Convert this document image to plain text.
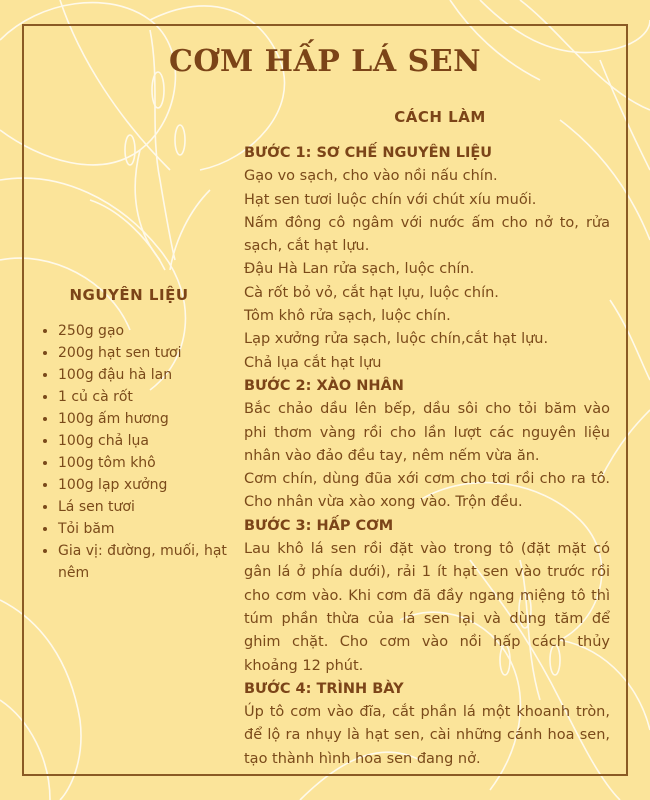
CƠM HẤP LÁ SEN
NGUYÊN LIỆU
• 250g gạo
• 200g hạt sen tươi
• 100g đậu hà lan
• 1 củ cà rốt
• 100g ấm hương
• 100g chả lụa
• 100g tôm khô
• 100g lạp xưởng
• Lá sen tươi
• Tỏi băm
• Gia vị: đường, muối, hạt nêm
CÁCH LÀM

BƯỚC 1: SƠ CHẾ NGUYÊN LIỆU

Gạo vo sạch, cho vào nồi nấu chín.

Hạt sen tươi luộc chín với chút xíu muối.

Nấm đông cô ngâm với nước ấm cho nở to, rửa sạch, cắt hạt lựu.

Đậu Hà Lan rửa sạch, luộc chín.

Cà rốt bỏ vỏ, cắt hạt lựu, luộc chín.

Tôm khô rửa sạch, luộc chín.

Lạp xưởng rửa sạch, luộc chín,cắt hạt lựu.

Chả lụa cắt hạt lựu

BƯỚC 2: XÀO NHÂN

Bắc chảo dầu lên bếp, dầu sôi cho tỏi băm vào phi thơm vàng rồi cho lần lượt các nguyên liệu nhân vào đảo đều tay, nêm nếm vừa ăn.

Cơm chín, dùng đũa xới cơm cho tơi rồi cho ra tô. Cho nhân vừa xào xong vào. Trộn đều.

BƯỚC 3: HẤP CƠM

Lau khô lá sen rồi đặt vào trong tô (đặt mặt có gân lá ở phía dưới), rải 1 ít hạt sen vào trước rồi cho cơm vào. Khi cơm đã đầy ngang miệng tô thì túm phần thừa của lá sen lại và dùng tăm để ghim chặt. Cho cơm vào nồi hấp cách thủy khoảng 12 phút.

BƯỚC 4: TRÌNH BÀY

Úp tô cơm vào đĩa, cắt phần lá một khoanh tròn, để lộ ra nhụy là hạt sen, cài những cánh hoa sen, tạo thành hình hoa sen đang nở.
